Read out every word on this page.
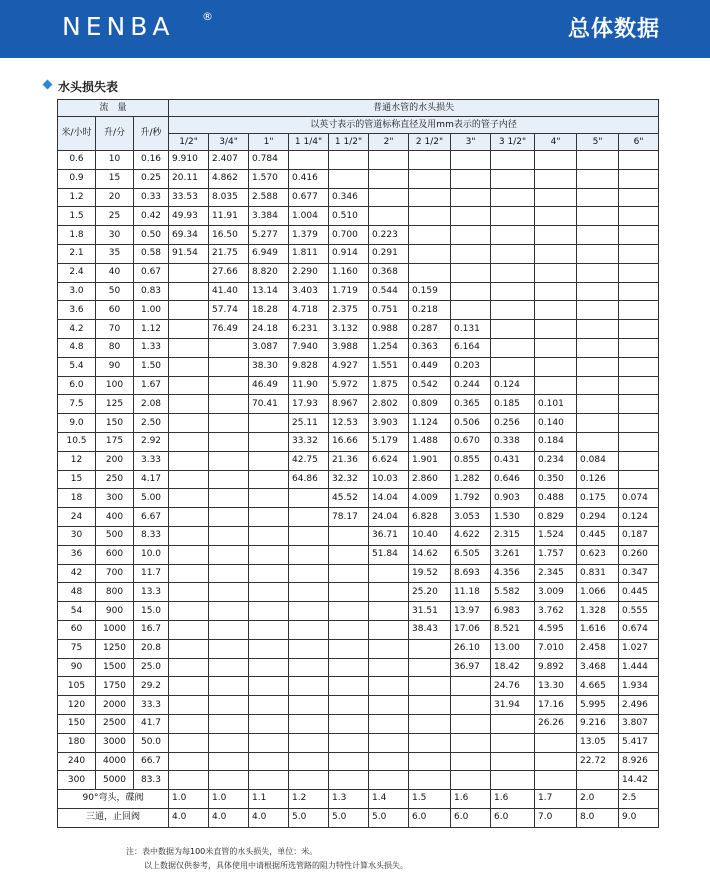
NENBA	®
总体数据
水头损失表
流　量			普通水管的水头损失											
米/小时	升/分	升/秒	以英寸表示的管道标称直径及用mm表示的管子内径											
			1/2"	3/4"	1"	1 1/4"	1 1/2"	2"	2 1/2"	3"	3 1/2"	4"	5"	6"
0.6	10	0.16	9.910	2.407	0.784									
0.9	15	0.25	20.11	4.862	1.570	0.416								
1.2	20	0.33	33.53	8.035	2.588	0.677	0.346							
1.5	25	0.42	49.93	11.91	3.384	1.004	0.510							
1.8	30	0.50	69.34	16.50	5.277	1.379	0.700	0.223						
2.1	35	0.58	91.54	21.75	6.949	1.811	0.914	0.291						
2.4	40	0.67		27.66	8.820	2.290	1.160	0.368						
3.0	50	0.83		41.40	13.14	3.403	1.719	0.544	0.159					
3.6	60	1.00		57.74	18.28	4.718	2.375	0.751	0.218					
4.2	70	1.12		76.49	24.18	6.231	3.132	0.988	0.287	0.131				
4.8	80	1.33			3.087	7.940	3.988	1.254	0.363	6.164				
5.4	90	1.50			38.30	9.828	4.927	1.551	0.449	0.203				
6.0	100	1.67			46.49	11.90	5.972	1.875	0.542	0.244	0.124			
7.5	125	2.08			70.41	17.93	8.967	2.802	0.809	0.365	0.185	0.101		
9.0	150	2.50				25.11	12.53	3.903	1.124	0.506	0.256	0.140		
10.5	175	2.92				33.32	16.66	5.179	1.488	0.670	0.338	0.184		
12	200	3.33				42.75	21.36	6.624	1.901	0.855	0.431	0.234	0.084	
15	250	4.17				64.86	32.32	10.03	2.860	1.282	0.646	0.350	0.126	
18	300	5.00					45.52	14.04	4.009	1.792	0.903	0.488	0.175	0.074
24	400	6.67					78.17	24.04	6.828	3.053	1.530	0.829	0.294	0.124
30	500	8.33						36.71	10.40	4.622	2.315	1.524	0.445	0.187
36	600	10.0						51.84	14.62	6.505	3.261	1.757	0.623	0.260
42	700	11.7							19.52	8.693	4.356	2.345	0.831	0.347
48	800	13.3							25.20	11.18	5.582	3.009	1.066	0.445
54	900	15.0							31.51	13.97	6.983	3.762	1.328	0.555
60	1000	16.7							38.43	17.06	8.521	4.595	1.616	0.674
75	1250	20.8								26.10	13.00	7.010	2.458	1.027
90	1500	25.0								36.97	18.42	9.892	3.468	1.444
105	1750	29.2									24.76	13.30	4.665	1.934
120	2000	33.3									31.94	17.16	5.995	2.496
150	2500	41.7										26.26	9.216	3.807
180	3000	50.0											13.05	5.417
240	4000	66.7											22.72	8.926
300	5000	83.3												14.42
90°弯头，碟阀			1.0	1.0	1.1	1.2	1.3	1.4	1.5	1.6	1.6	1.7	2.0	2.5
三通，止回阀			4.0	4.0	4.0	5.0	5.0	5.0	6.0	6.0	6.0	7.0	8.0	9.0
注：表中数据为每100米直管的水头损失，单位：米。
以上数据仅供参考，具体使用中请根据所选管路的阻力特性计算水头损失。
